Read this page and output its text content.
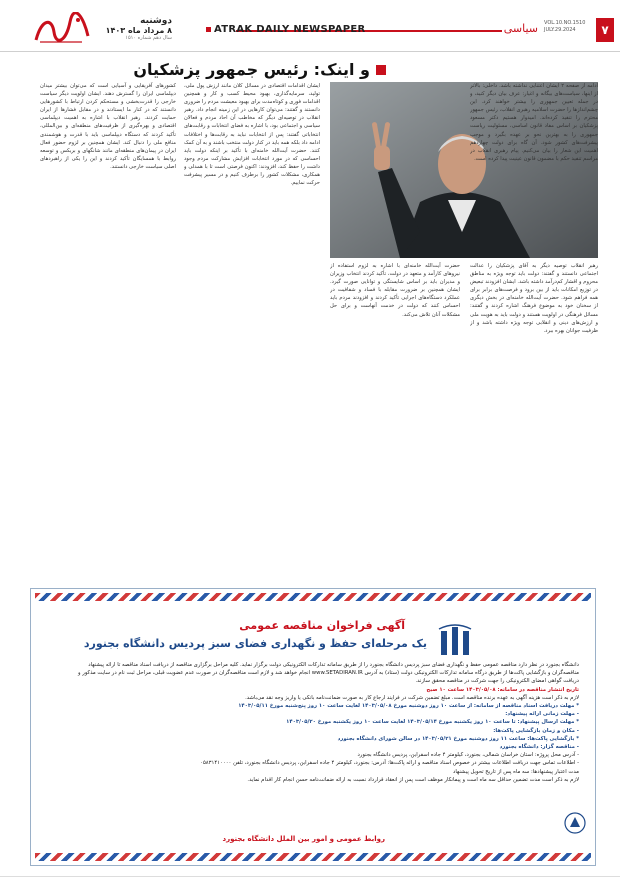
۷
VOL.10.NO.1510
JULY.29.2024
سیاسی
ATRAK DAILY NEWSPAPER
دوشنبه
۸ مرداد ماه ۱۴۰۳
سال دهم شماره ۱۵۱۰
و اینک: رئیس جمهور پزشکیان

ادامه از صفحه ۲ ایشان اعتنایی نداشته باشد. داخلی: بالاتر از اینها، سیاست‌های بیگانه و اغیار: عرف بیان دیگر کنید، و در جمله تعیین جمهوری را بیشتر خواهند کرد. این چشم‌اندازها را حضرت اسلامیه رهبری انقلاب، رئیس جمهور محترم را تنفیذ کرده‌اند. امیدوار هستیم دکتر مسعود پزشکیان بر اساس مفاد قانون اساسی، مسئولیت ریاست جمهوری را به بهترین نحو بر عهده بگیرد و موجب پیشرفت‌های کشور شود. آن گاه برای دولت چهاردهم اهمیت این شعار را بیان می‌کنیم. پیام رهبری انقلاب در مراسم تنفیذ حکم با مضمون قانون عینیت پیدا کرده است.

ایشان اقدامات اقتصادی در مسائل کلان مانند ارزش پول ملی، تولید، سرمایه‌گذاری، بهبود محیط کسب و کار و همچنین اقدامات فوری و کوتاه‌مدت برای بهبود معیشت مردم را ضروری دانستند و گفتند: می‌توان کارهایی در این زمینه انجام داد. رهبر انقلاب در توصیه‌ای دیگر که مخاطب آن احاد مردم و فعالان سیاسی و اجتماعی بود، با اشاره به فضای انتخابات و رقابت‌های انتخاباتی گفتند: پس از انتخابات نباید به رقابت‌ها و اختلافات ادامه داد بلکه همه باید در کنار دولت منتخب باشند و به آن کمک کنند. حضرت آیت‌الله خامنه‌ای با تأکید بر اینکه دولت باید احساسی که در مورد انتخابات افزایش مشارکت مردم وجود داشت را حفظ کند، افزودند: اکنون فرصتی است تا با همدلی و همکاری، مشکلات کشور را برطرف کنیم و در مسیر پیشرفت حرکت نماییم.

کشورهای آفریقایی و آسیایی است که می‌توان بیشتر میدان دیپلماسی ایران را گسترش دهند. ایشان اولویت دیگر سیاست خارجی را قدرت‌بخشی و مستحکم کردن ارتباط با کشورهایی دانستند که در کنار ما ایستادند و در مقابل فشارها از ایران حمایت کردند. رهبر انقلاب با اشاره به اهمیت دیپلماسی اقتصادی و بهره‌گیری از ظرفیت‌های منطقه‌ای و بین‌المللی، تأکید کردند که دستگاه دیپلماسی باید با قدرت و هوشمندی منافع ملی را دنبال کند. ایشان همچنین بر لزوم حضور فعال ایران در پیمان‌های منطقه‌ای مانند شانگهای و بریکس و توسعه روابط با همسایگان تأکید کردند و این را یکی از راهبردهای اصلی سیاست خارجی دانستند.

رهبر انقلاب توصیه دیگر به آقای پزشکیان را عدالت اجتماعی دانستند و گفتند: دولت باید توجه ویژه به مناطق محروم و اقشار کم‌درآمد داشته باشد. ایشان افزودند تبعیض در توزیع امکانات باید از بین برود و فرصت‌های برابر برای همه فراهم شود. حضرت آیت‌الله خامنه‌ای در بخش دیگری از سخنان خود به موضوع فرهنگ اشاره کردند و گفتند: مسائل فرهنگی در اولویت هستند و دولت باید به هویت ملی و ارزش‌های دینی و انقلابی توجه ویژه داشته باشد و از ظرفیت جوانان بهره ببرد.

حضرت آیت‌الله خامنه‌ای با اشاره به لزوم استفاده از نیروهای کارآمد و متعهد در دولت، تأکید کردند انتخاب وزیران و مدیران باید بر اساس شایستگی و توانایی صورت گیرد. ایشان همچنین بر ضرورت مقابله با فساد و شفافیت در عملکرد دستگاه‌های اجرایی تأکید کردند و افزودند مردم باید احساس کنند که دولت در خدمت آنهاست و برای حل مشکلات آنان تلاش می‌کند.

آگهی فراخوان مناقصه عمومی
یک مرحله‌ای حفظ و نگهداری فضای سبز پردیس دانشگاه بجنورد

دانشگاه بجنورد در نظر دارد مناقصه عمومی حفظ و نگهداری فضای سبز پردیس دانشگاه بجنورد را از طریق سامانه تدارکات الکترونیکی دولت برگزار نماید. کلیه مراحل برگزاری مناقصه از دریافت اسناد مناقصه تا ارائه پیشنهاد مناقصه‌گران و بازگشایی پاکت‌ها از طریق درگاه سامانه تدارکات الکترونیکی دولت (ستاد) به آدرس www.SETADIRAN.IR انجام خواهد شد و لازم است مناقصه‌گران در صورت عدم عضویت قبلی، مراحل ثبت نام در سایت مذکور و دریافت گواهی امضای الکترونیکی را جهت شرکت در مناقصه محقق سازند.

تاریخ انتشار مناقصه در سامانه: ۱۴۰۳/۰۵/۰۸ ساعت ۱۰ صبح

لازم به ذکر است هزینه آگهی به عهده برنده مناقصه است. مبلغ تضمین شرکت در فرایند ارجاع کار به صورت ضمانت‌نامه بانکی یا واریز وجه نقد می‌باشد.

* مهلت دریافت اسناد مناقصه از سامانه: از ساعت ۱۰ روز دوشنبه مورخ ۱۴۰۳/۰۵/۰۸ لغایت ساعت ۱۰ روز پنج‌شنبه مورخ ۱۴۰۳/۰۵/۱۱

- مهلت زمانی ارائه پیشنهاد:

* مهلت ارسال پیشنهاد: تا ساعت ۱۰ روز یکشنبه مورخ ۱۴۰۳/۰۵/۱۴ لغایت ساعت ۱۰ روز یکشنبه مورخ ۱۴۰۳/۰۵/۲۰

- مکان و زمان بازگشایی پاکت‌ها:

* بازگشایی پاکت‌ها: ساعت ۱۱ روز دوشنبه مورخ ۱۴۰۳/۰۵/۲۱ در سالن شورای دانشگاه بجنورد

- مناقصه گزار: دانشگاه بجنورد

- آدرس محل پروژه: استان خراسان شمالی، بجنورد، کیلومتر ۴ جاده اسفراین، پردیس دانشگاه بجنورد

- اطلاعات تماس جهت دریافت اطلاعات بیشتر در خصوص اسناد مناقصه و ارائه پاکت‌ها: آدرس: بجنورد، کیلومتر ۴ جاده اسفراین، پردیس دانشگاه بجنورد، تلفن ۰۵۸۳۱۴۱۰۰۰۰

مدت اعتبار پیشنهادها: سه ماه پس از تاریخ تحویل پیشنهاد

لازم به ذکر است مدت تضمین حداقل سه ماه است و پیمانکار موظف است پس از انعقاد قرارداد نسبت به ارائه ضمانت‌نامه حسن انجام کار اقدام نماید.

روابط عمومی و امور بین الملل دانشگاه بجنورد
